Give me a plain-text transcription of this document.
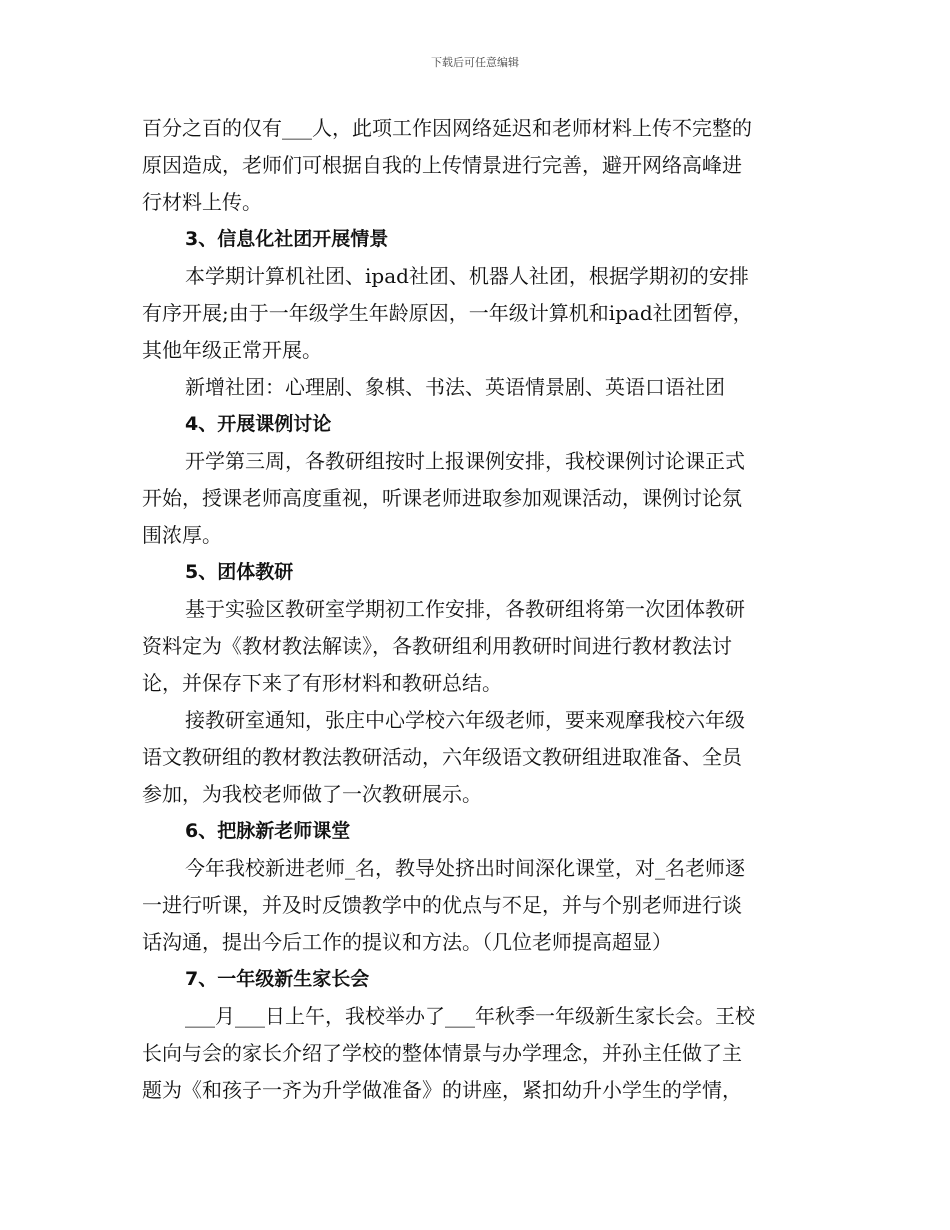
下载后可任意编辑

百分之百的仅有___人，此项工作因网络延迟和老师材料上传不完整的
原因造成，老师们可根据自我的上传情景进行完善，避开网络高峰进
行材料上传。

3、信息化社团开展情景

本学期计算机社团、ipad社团、机器人社团，根据学期初的安排
有序开展;由于一年级学生年龄原因，一年级计算机和ipad社团暂停，
其他年级正常开展。

新增社团：心理剧、象棋、书法、英语情景剧、英语口语社团

4、开展课例讨论

开学第三周，各教研组按时上报课例安排，我校课例讨论课正式
开始，授课老师高度重视，听课老师进取参加观课活动，课例讨论氛
围浓厚。

5、团体教研

基于实验区教研室学期初工作安排，各教研组将第一次团体教研
资料定为《教材教法解读》，各教研组利用教研时间进行教材教法讨
论，并保存下来了有形材料和教研总结。

接教研室通知，张庄中心学校六年级老师，要来观摩我校六年级
语文教研组的教材教法教研活动，六年级语文教研组进取准备、全员
参加，为我校老师做了一次教研展示。

6、把脉新老师课堂

今年我校新进老师_名，教导处挤出时间深化课堂，对_名老师逐
一进行听课，并及时反馈教学中的优点与不足，并与个别老师进行谈
话沟通，提出今后工作的提议和方法。（几位老师提高超显）

7、一年级新生家长会

___月___日上午，我校举办了___年秋季一年级新生家长会。王校
长向与会的家长介绍了学校的整体情景与办学理念，并孙主任做了主
题为《和孩子一齐为升学做准备》的讲座，紧扣幼升小学生的学情，
